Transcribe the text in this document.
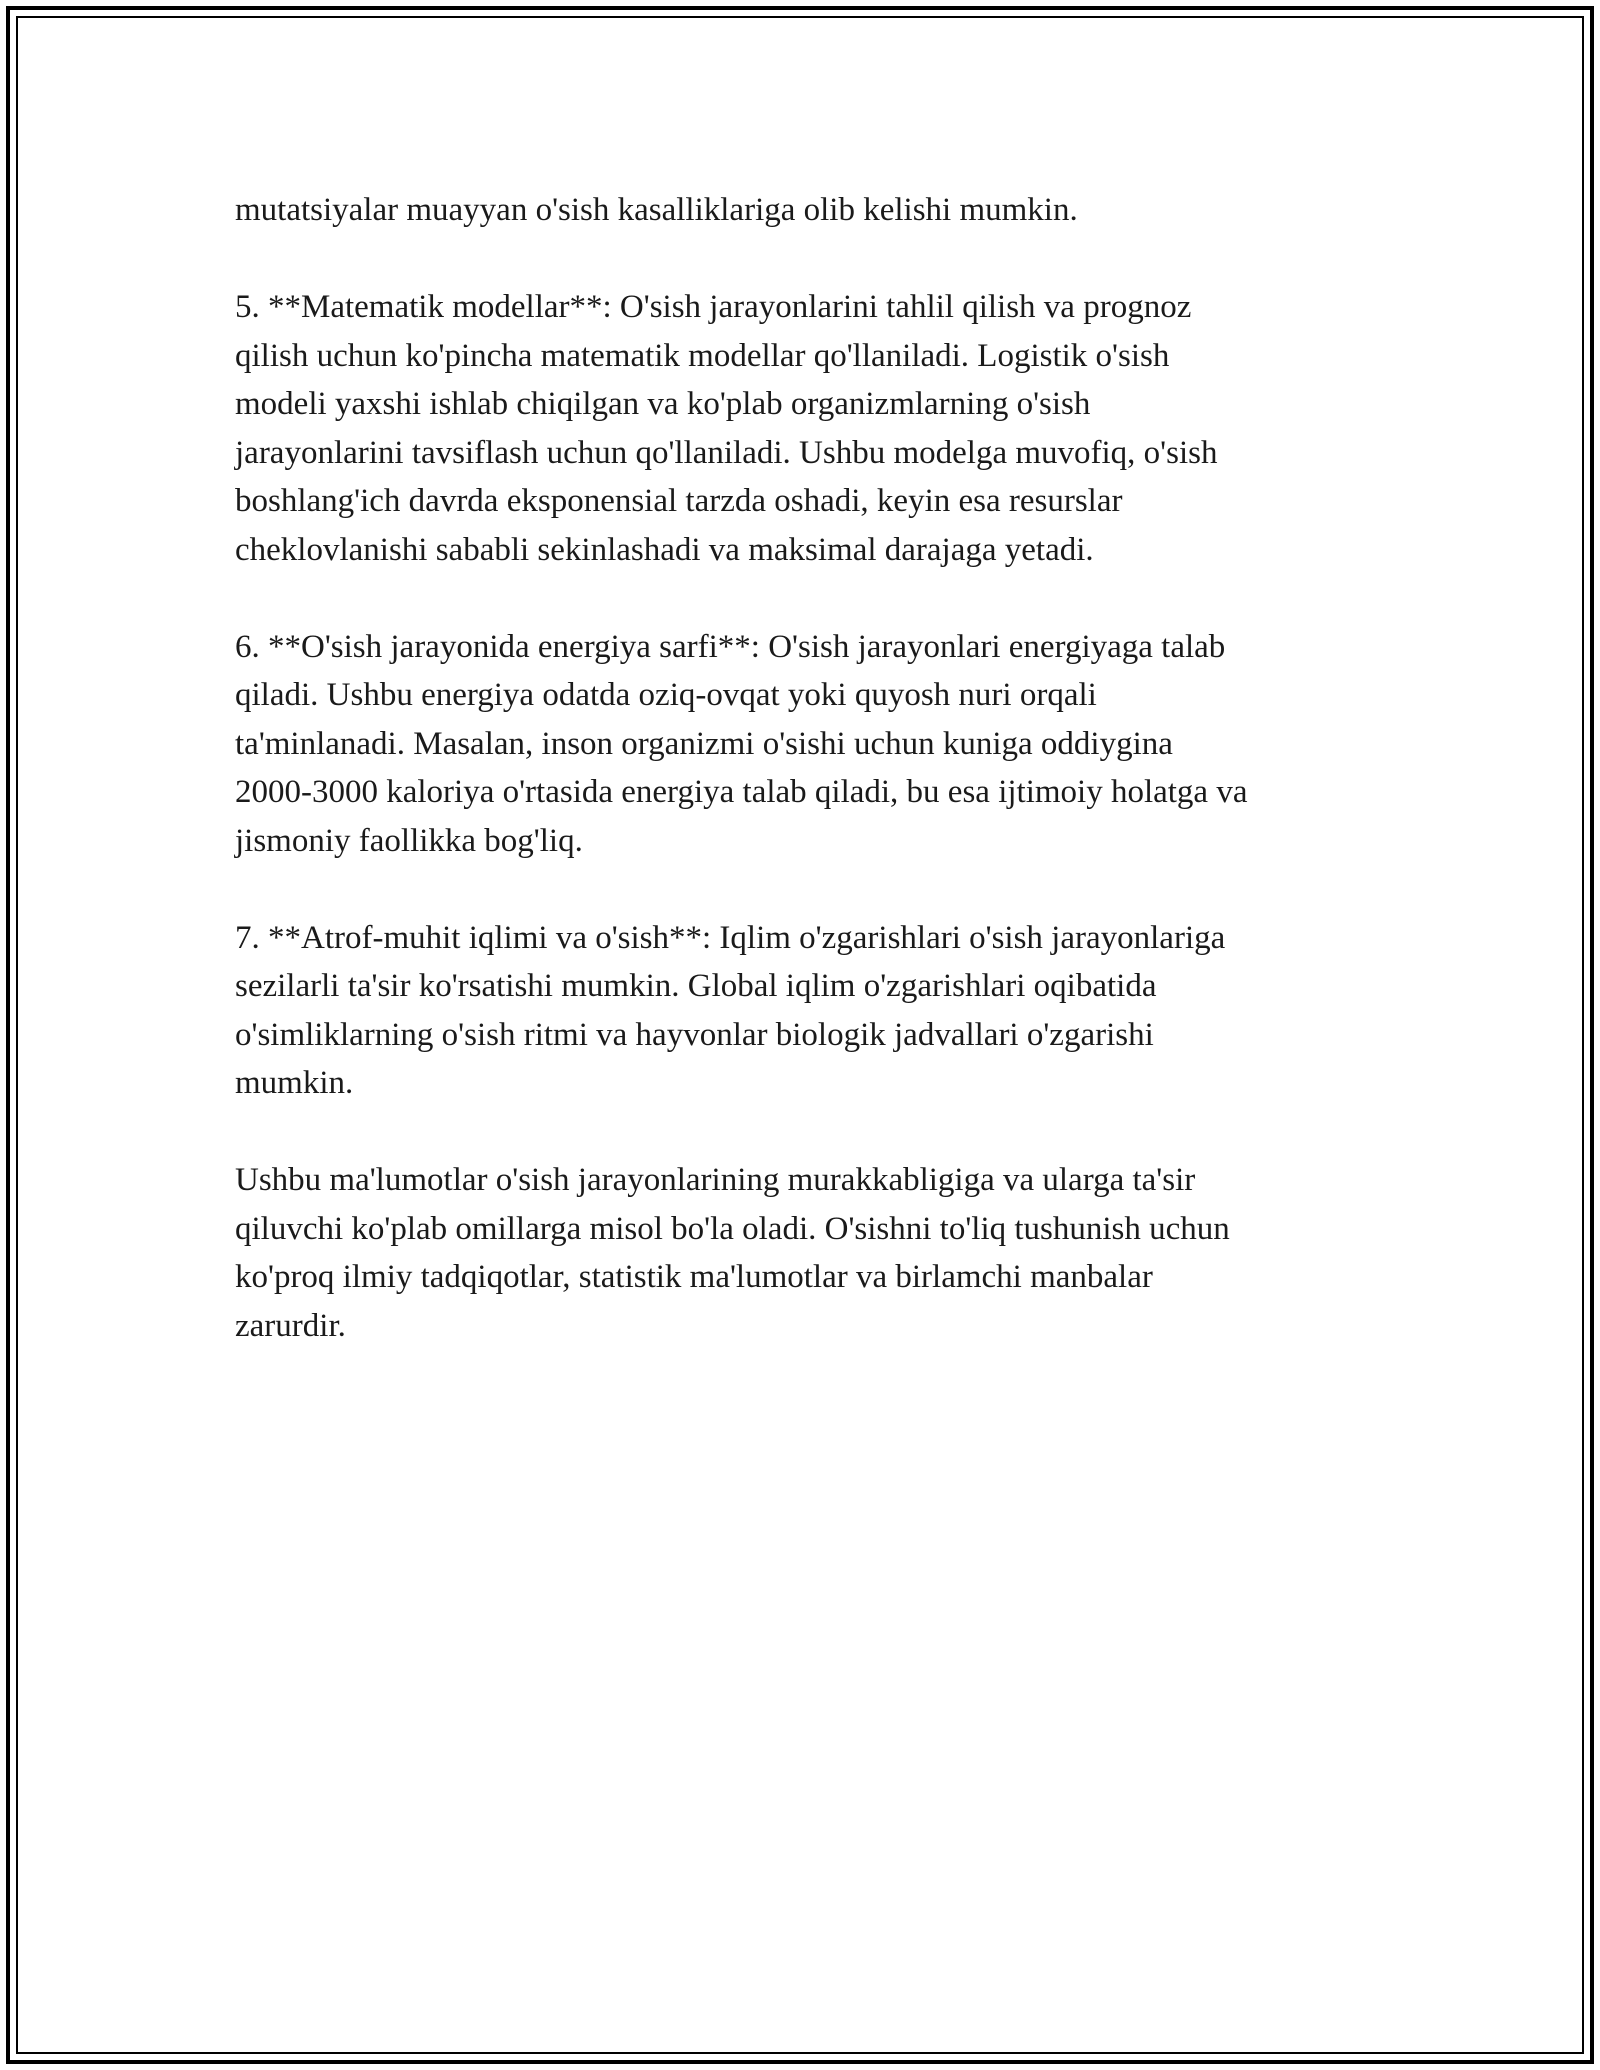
mutatsiyalar muayyan o'sish kasalliklariga olib kelishi mumkin.

5. **Matematik modellar**: O'sish jarayonlarini tahlil qilish va prognoz
qilish uchun ko'pincha matematik modellar qo'llaniladi. Logistik o'sish
modeli yaxshi ishlab chiqilgan va ko'plab organizmlarning o'sish
jarayonlarini tavsiflash uchun qo'llaniladi. Ushbu modelga muvofiq, o'sish
boshlang'ich davrda eksponensial tarzda oshadi, keyin esa resurslar
cheklovlanishi sababli sekinlashadi va maksimal darajaga yetadi.

6. **O'sish jarayonida energiya sarfi**: O'sish jarayonlari energiyaga talab
qiladi. Ushbu energiya odatda oziq-ovqat yoki quyosh nuri orqali
ta'minlanadi. Masalan, inson organizmi o'sishi uchun kuniga oddiygina
2000-3000 kaloriya o'rtasida energiya talab qiladi, bu esa ijtimoiy holatga va
jismoniy faollikka bog'liq.

7. **Atrof-muhit iqlimi va o'sish**: Iqlim o'zgarishlari o'sish jarayonlariga
sezilarli ta'sir ko'rsatishi mumkin. Global iqlim o'zgarishlari oqibatida
o'simliklarning o'sish ritmi va hayvonlar biologik jadvallari o'zgarishi
mumkin.

Ushbu ma'lumotlar o'sish jarayonlarining murakkabligiga va ularga ta'sir
qiluvchi ko'plab omillarga misol bo'la oladi. O'sishni to'liq tushunish uchun
ko'proq ilmiy tadqiqotlar, statistik ma'lumotlar va birlamchi manbalar
zarurdir.
